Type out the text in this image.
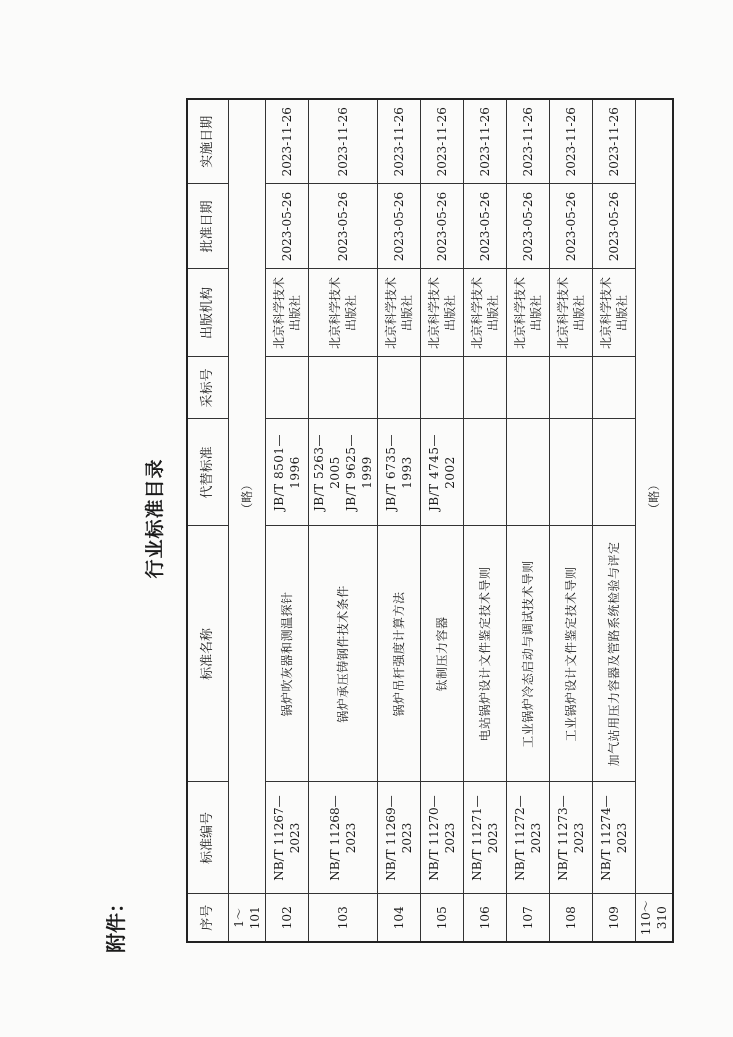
附件：
行业标准目录
序号	标准编号	标准名称	代替标准	采标号	出版机构	批准日期	实施日期
1～101	（略）						
102	NB/T 11267—2023	锅炉吹灰器和测温探针	JB/T 8501—1996		北京科学技术出版社	2023-05-26	2023-11-26
103	NB/T 11268—2023	锅炉承压铸钢件技术条件	JB/T 5263—2005 JB/T 9625—1999		北京科学技术出版社	2023-05-26	2023-11-26
104	NB/T 11269—2023	锅炉吊杆强度计算方法	JB/T 6735—1993		北京科学技术出版社	2023-05-26	2023-11-26
105	NB/T 11270—2023	钛制压力容器	JB/T 4745—2002		北京科学技术出版社	2023-05-26	2023-11-26
106	NB/T 11271—2023	电站锅炉设计文件鉴定技术导则			北京科学技术出版社	2023-05-26	2023-11-26
107	NB/T 11272—2023	工业锅炉冷态启动与调试技术导则			北京科学技术出版社	2023-05-26	2023-11-26
108	NB/T 11273—2023	工业锅炉设计文件鉴定技术导则			北京科学技术出版社	2023-05-26	2023-11-26
109	NB/T 11274—2023	加气站用压力容器及管路系统检验与评定			北京科学技术出版社	2023-05-26	2023-11-26
110～310	（略）						
